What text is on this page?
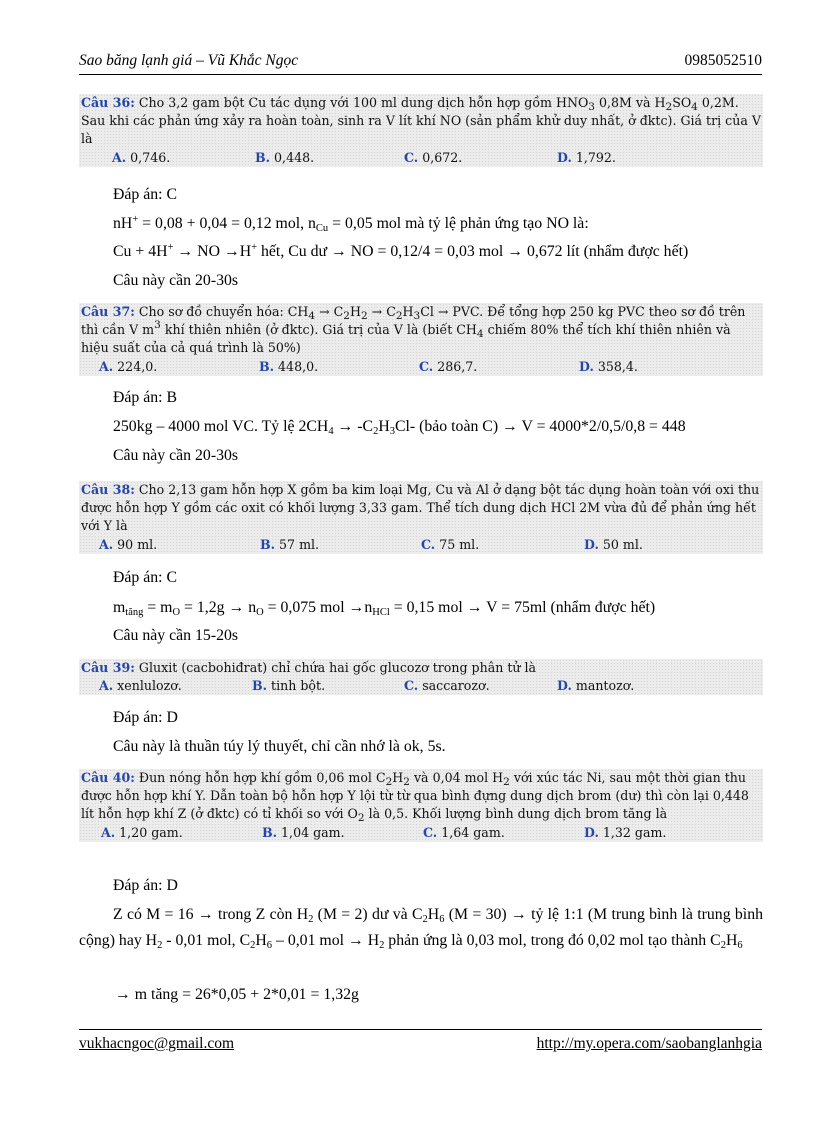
Sao băng lạnh giá – Vũ Khắc Ngọc	0985052510
Câu 36: Cho 3,2 gam bột Cu tác dụng với 100 ml dung dịch hỗn hợp gồm $HNO_3$ 0,8M và $H_2SO_4$ 0,2M. Sau khi các phản ứng xảy ra hoàn toàn, sinh ra V lít khí NO (sản phẩm khử duy nhất, ở đktc). Giá trị của V là
A. 0,746.	B. 0,448.	C. 0,672.	D. 1,792.
Đáp án: C
nH+ = 0,08 + 0,04 = 0,12 mol, $n_{Cu} = 0,05$ mol mà tỷ lệ phản ứng tạo NO là:
Cu + 4H+ → NO →H+ hết, Cu dư → NO = 0,12/4 = 0,03 mol → 0,672 lít (nhẩm được hết)
Câu này cần 20-30s
Câu 37: Cho sơ đồ chuyển hóa: $CH_4 \to C_2H_2 \to C_2H_3Cl$ → PVC. Để tổng hợp 250 kg PVC theo sơ đồ trên thì cần V $m^3$ khí thiên nhiên (ở đktc). Giá trị của V là (biết $CH_4$ chiếm 80% thể tích khí thiên nhiên và hiệu suất của cả quá trình là 50%)
A. 224,0.	B. 448,0.	C. 286,7.	D. 358,4.
Đáp án: B
250kg – 4000 mol VC. Tỷ lệ $2CH_4 \to -C_2H_3Cl-$ (bảo toàn C) → V = 4000*2/0,5/0,8 = 448
Câu này cần 20-30s
Câu 38: Cho 2,13 gam hỗn hợp X gồm ba kim loại Mg, Cu và Al ở dạng bột tác dụng hoàn toàn với oxi thu được hỗn hợp Y gồm các oxit có khối lượng 3,33 gam. Thể tích dung dịch HCl 2M vừa đủ để phản ứng hết với Y là
A. 90 ml.	B. 57 ml.	C. 75 ml.	D. 50 ml.
Đáp án: C
$m_{tăng} = m_O = 1,2g \to n_O = 0,075$ mol $\to n_{HCl} = 0,15$ mol → V = 75ml (nhẩm được hết)
Câu này cần 15-20s
Câu 39: Gluxit (cacbohiđrat) chỉ chứa hai gốc glucozơ trong phân tử là
A. xenlulozơ.	B. tinh bột.	C. saccarozơ.	D. mantozơ.
Đáp án: D
Câu này là thuần túy lý thuyết, chỉ cần nhớ là ok, 5s.
Câu 40: Đun nóng hỗn hợp khí gồm 0,06 mol $C_2H_2$ và 0,04 mol $H_2$ với xúc tác Ni, sau một thời gian thu được hỗn hợp khí Y. Dẫn toàn bộ hỗn hợp Y lội từ từ qua bình đựng dung dịch brom (dư) thì còn lại 0,448 lít hỗn hợp khí Z (ở đktc) có tỉ khối so với $O_2$ là 0,5. Khối lượng bình dung dịch brom tăng là
A. 1,20 gam.	B. 1,04 gam.	C. 1,64 gam.	D. 1,32 gam.
Đáp án: D
Z có M = 16 → trong Z còn $H_2$ (M = 2) dư và $C_2H_6$ (M = 30) → tỷ lệ 1:1 (M trung bình là trung bình cộng) hay $H_2 - 0,01$ mol, $C_2H_6 - 0,01$ mol → $H_2$ phản ứng là 0,03 mol, trong đó 0,02 mol tạo thành $C_2H_6$
→ m tăng = 26*0,05 + 2*0,01 = 1,32g
vukhacngoc@gmail.com	http://my.opera.com/saobanglanhgia
